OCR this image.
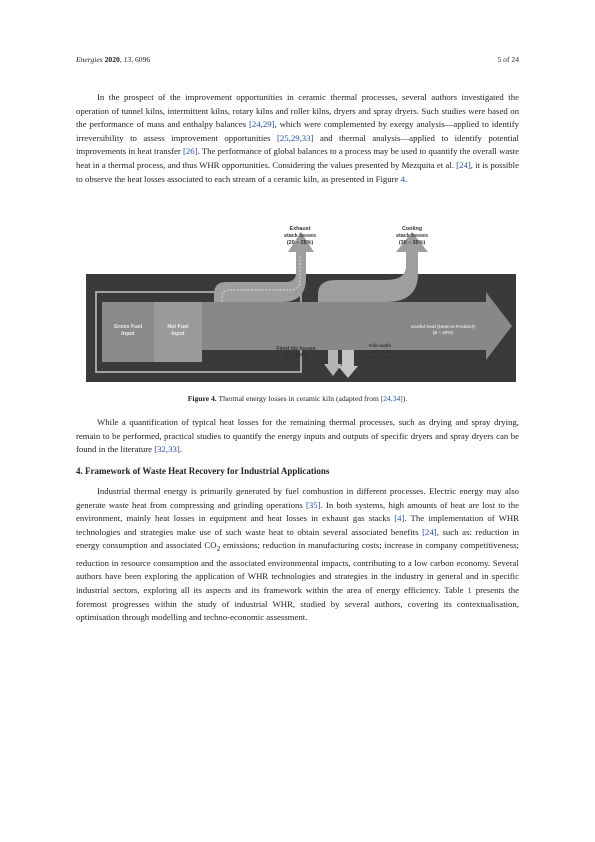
Energies 2020, 13, 6096	5 of 24

In the prospect of the improvement opportunities in ceramic thermal processes, several authors investigated the operation of tunnel kilns, intermittent kilns, rotary kilns and roller kilns, dryers and spray dryers. Such studies were based on the performance of mass and enthalpy balances [24,29], which were complemented by exergy analysis—applied to identify irreversibility to assess improvement opportunities [25,29,33] and thermal analysis—applied to identify potential improvements in heat transfer [26]. The performance of global balances to a process may be used to quantify the overall waste heat in a thermal process, and thus WHR opportunities. Considering the values presented by Mezquita et al. [24], it is possible to observe the heat losses associated to each stream of a ceramic kiln, as presented in Figure 4.

Exhaust
stack losses
(20 – 25%)
Cooling
stack losses
(30 – 35%)
Gross Fuel
Input
Net Fuel
Input
Useful heat (Heat-to-Product)
(5 – 20%)
Fired tile losses
(5 – 10%)
Kiln walls
and vaults
(10 – 15%)

Figure 4. Thermal energy losses in ceramic kiln (adapted from [24,34]).

While a quantification of typical heat losses for the remaining thermal processes, such as drying and spray drying, remain to be performed, practical studies to quantify the energy inputs and outputs of specific dryers and spray dryers can be found in the literature [32,33].

4. Framework of Waste Heat Recovery for Industrial Applications

Industrial thermal energy is primarily generated by fuel combustion in different processes. Electric energy may also generate waste heat from compressing and grinding operations [35]. In both systems, high amounts of heat are lost to the environment, mainly heat losses in equipment and heat losses in exhaust gas stacks [4]. The implementation of WHR technologies and strategies make use of such waste heat to obtain several associated benefits [24], such as: reduction in energy consumption and associated $CO_2$ emissions; reduction in manufacturing costs; increase in company competitiveness; reduction in resource consumption and the associated environmental impacts, contributing to a low carbon economy. Several authors have been exploring the application of WHR technologies and strategies in the industry in general and in specific industrial sectors, exploring all its aspects and its framework within the area of energy efficiency. Table 1 presents the foremost progresses within the study of industrial WHR, studied by several authors, covering its contextualisation, optimisation through modelling and techno-economic assessment.
